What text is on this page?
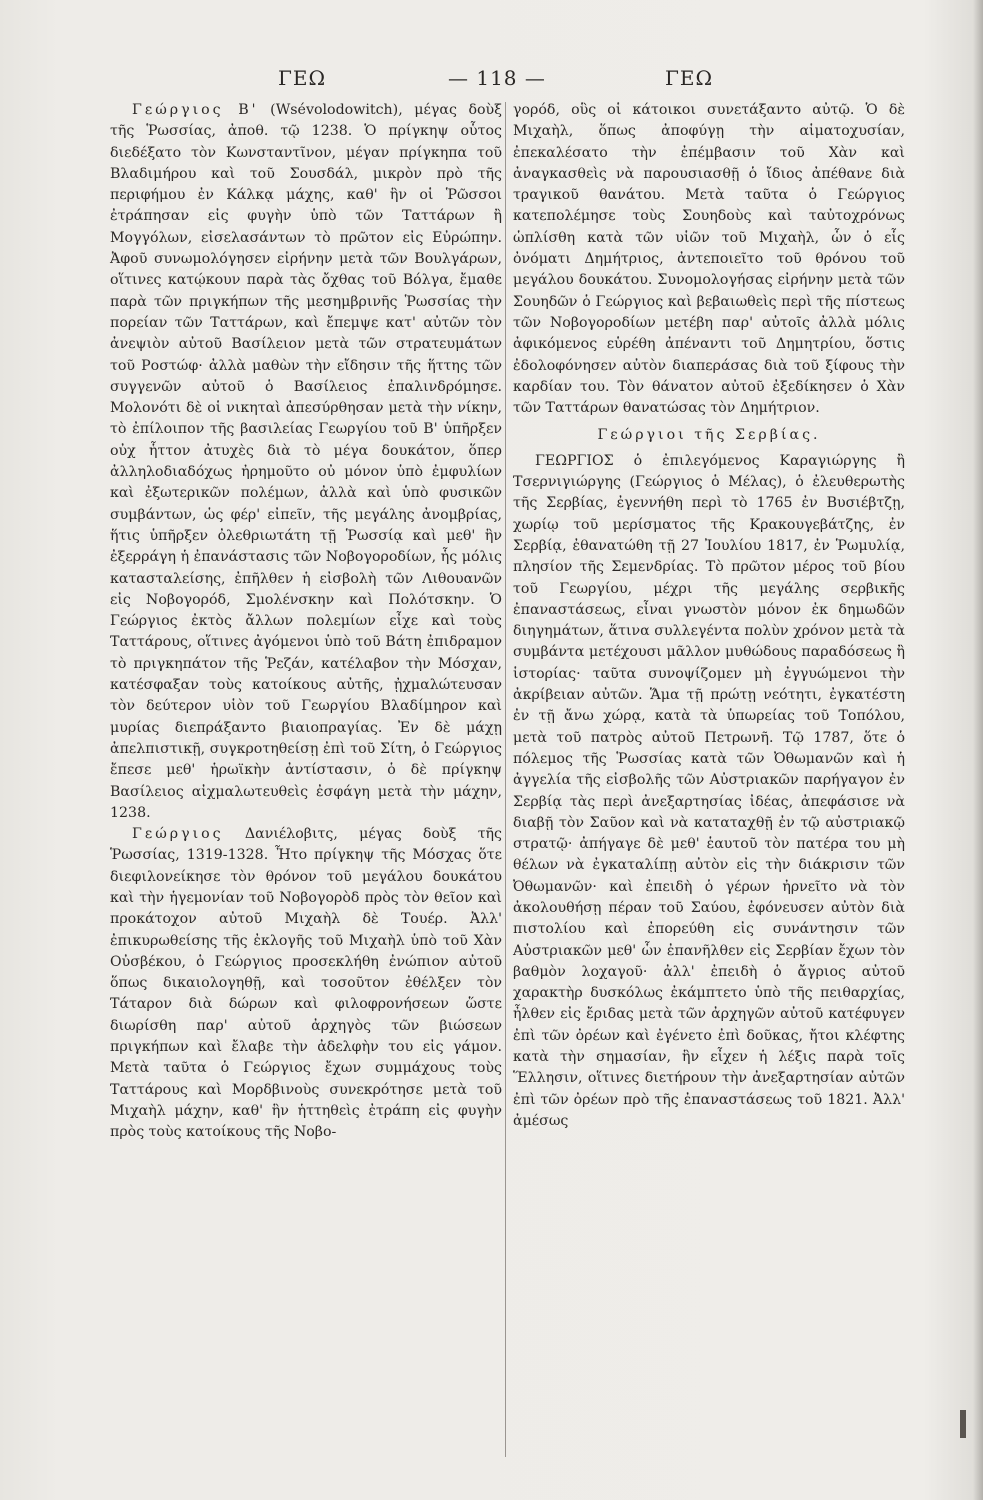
ΓΕΩ	— 118 —	ΓΕΩ

Γεώργιος Β' (Wsévolodowitch), μέγας δοὺξ τῆς Ῥωσσίας, ἀποθ. τῷ 1238. Ὁ πρίγκηψ οὗτος διεδέξατο τὸν Κωνσταντῖνον, μέγαν πρίγκηπα τοῦ Βλαδιμήρου καὶ τοῦ Σουσδάλ, μικρὸν πρὸ τῆς περιφήμου ἐν Κάλκᾳ μάχης, καθ' ἣν οἱ Ῥῶσσοι ἐτράπησαν εἰς φυγὴν ὑπὸ τῶν Ταττάρων ἢ Μογγόλων, εἰσελασάντων τὸ πρῶτον εἰς Εὐρώπην. Ἀφοῦ συνωμολόγησεν εἰρήνην μετὰ τῶν Βουλγάρων, οἵτινες κατῴκουν παρὰ τὰς ὄχθας τοῦ Βόλγα, ἔμαθε παρὰ τῶν πριγκήπων τῆς μεσημβρινῆς Ῥωσσίας τὴν πορείαν τῶν Ταττάρων, καὶ ἔπεμψε κατ' αὐτῶν τὸν ἀνεψιὸν αὐτοῦ Βασίλειον μετὰ τῶν στρατευμάτων τοῦ Ροστώφ· ἀλλὰ μαθὼν τὴν εἴδησιν τῆς ἥττης τῶν συγγενῶν αὐτοῦ ὁ Βασίλειος ἐπαλινδρόμησε. Μολονότι δὲ οἱ νικηταὶ ἀπεσύρθησαν μετὰ τὴν νίκην, τὸ ἐπίλοιπον τῆς βασιλείας Γεωργίου τοῦ Β' ὑπῆρξεν οὐχ ἧττον ἀτυχὲς διὰ τὸ μέγα δουκάτον, ὅπερ ἀλληλοδιαδόχως ἠρημοῦτο οὐ μόνον ὑπὸ ἐμφυλίων καὶ ἐξωτερικῶν πολέμων, ἀλλὰ καὶ ὑπὸ φυσικῶν συμβάντων, ὡς φέρ' εἰπεῖν, τῆς μεγάλης ἀνομβρίας, ἥτις ὑπῆρξεν ὀλεθριωτάτη τῇ Ῥωσσίᾳ καὶ μεθ' ἣν ἐξερράγη ἡ ἐπανάστασις τῶν Νοβογοροδίων, ἧς μόλις κατασταλείσης, ἐπῆλθεν ἡ εἰσβολὴ τῶν Λιθουανῶν εἰς Νοβογορόδ, Σμολένσκην καὶ Πολότσκην. Ὁ Γεώργιος ἐκτὸς ἄλλων πολεμίων εἶχε καὶ τοὺς Ταττάρους, οἵτινες ἀγόμενοι ὑπὸ τοῦ Βάτη ἐπιδραμον τὸ πριγκηπάτον τῆς Ῥεζάν, κατέλαβον τὴν Μόσχαν, κατέσφαξαν τοὺς κατοίκους αὐτῆς, ᾐχμαλώτευσαν τὸν δεύτερον υἱὸν τοῦ Γεωργίου Βλαδίμηρον καὶ μυρίας διεπράξαντο βιαιοπραγίας. Ἐν δὲ μάχῃ ἀπελπιστικῇ, συγκροτηθείσῃ ἐπὶ τοῦ Σίτη, ὁ Γεώργιος ἔπεσε μεθ' ἡρωϊκὴν ἀντίστασιν, ὁ δὲ πρίγκηψ Βασίλειος αἰχμαλωτευθεὶς ἐσφάγη μετὰ τὴν μάχην, 1238.

Γεώργιος Δανιέλοβιτς, μέγας δοὺξ τῆς Ῥωσσίας, 1319-1328. Ἦτο πρίγκηψ τῆς Μόσχας ὅτε διεφιλονείκησε τὸν θρόνον τοῦ μεγάλου δουκάτου καὶ τὴν ἡγεμονίαν τοῦ Νοβογορὸδ πρὸς τὸν θεῖον καὶ προκάτοχον αὐτοῦ Μιχαὴλ δὲ Τουέρ. Ἀλλ' ἐπικυρωθείσης τῆς ἐκλογῆς τοῦ Μιχαὴλ ὑπὸ τοῦ Χὰν Οὐσβέκου, ὁ Γεώργιος προσεκλήθη ἐνώπιον αὐτοῦ ὅπως δικαιολογηθῇ, καὶ τοσοῦτον ἐθέλξεν τὸν Τάταρον διὰ δώρων καὶ φιλοφρονήσεων ὥστε διωρίσθη παρ' αὐτοῦ ἀρχηγὸς τῶν βιώσεων πριγκήπων καὶ ἔλαβε τὴν ἀδελφὴν του εἰς γάμον. Μετὰ ταῦτα ὁ Γεώργιος ἔχων συμμάχους τοὺς Ταττάρους καὶ Μορδβινοὺς συνεκρότησε μετὰ τοῦ Μιχαὴλ μάχην, καθ' ἣν ἡττηθεὶς ἐτράπη εἰς φυγὴν πρὸς τοὺς κατοίκους τῆς Νοβο-

γορόδ, οὓς οἱ κάτοικοι συνετάξαντο αὐτῷ. Ὁ δὲ Μιχαὴλ, ὅπως ἀποφύγῃ τὴν αἱματοχυσίαν, ἐπεκαλέσατο τὴν ἐπέμβασιν τοῦ Χὰν καὶ ἀναγκασθεὶς νὰ παρουσιασθῇ ὁ ἴδιος ἀπέθανε διὰ τραγικοῦ θανάτου. Μετὰ ταῦτα ὁ Γεώργιος κατεπολέμησε τοὺς Σουηδοὺς καὶ ταὐτοχρόνως ὡπλίσθη κατὰ τῶν υἱῶν τοῦ Μιχαὴλ, ὧν ὁ εἷς ὀνόματι Δημήτριος, ἀντεποιεῖτο τοῦ θρόνου τοῦ μεγάλου δουκάτου. Συνομολογήσας εἰρήνην μετὰ τῶν Σουηδῶν ὁ Γεώργιος καὶ βεβαιωθεὶς περὶ τῆς πίστεως τῶν Νοβογοροδίων μετέβη παρ' αὐτοῖς ἀλλὰ μόλις ἀφικόμενος εὑρέθη ἀπέναντι τοῦ Δημητρίου, ὅστις ἐδολοφόνησεν αὐτὸν διαπεράσας διὰ τοῦ ξίφους τὴν καρδίαν του. Τὸν θάνατον αὐτοῦ ἐξεδίκησεν ὁ Χὰν τῶν Ταττάρων θανατώσας τὸν Δημήτριον.

Γεώργιοι τῆς Σερβίας.

ΓΕΩΡΓΙΟΣ ὁ ἐπιλεγόμενος Καραγιώργης ἢ Τσερνιγιώργης (Γεώργιος ὁ Μέλας), ὁ ἐλευθερωτὴς τῆς Σερβίας, ἐγεννήθη περὶ τὸ 1765 ἐν Βυσιέβτζῃ, χωρίῳ τοῦ μερίσματος τῆς Κρακουγεβάτζης, ἐν Σερβίᾳ, ἐθανατώθη τῇ 27 Ἰουλίου 1817, ἐν Ῥωμυλίᾳ, πλησίον τῆς Σεμενδρίας. Τὸ πρῶτον μέρος τοῦ βίου τοῦ Γεωργίου, μέχρι τῆς μεγάλης σερβικῆς ἐπαναστάσεως, εἶναι γνωστὸν μόνον ἐκ δημωδῶν διηγημάτων, ἅτινα συλλεγέντα πολὺν χρόνον μετὰ τὰ συμβάντα μετέχουσι μᾶλλον μυθώδους παραδόσεως ἢ ἱστορίας· ταῦτα συνοψίζομεν μὴ ἐγγυώμενοι τὴν ἀκρίβειαν αὐτῶν. Ἅμα τῇ πρώτῃ νεότητι, ἐγκατέστη ἐν τῇ ἄνω χώρᾳ, κατὰ τὰ ὑπωρείας τοῦ Τοπόλου, μετὰ τοῦ πατρὸς αὐτοῦ Πετρωνῆ. Τῷ 1787, ὅτε ὁ πόλεμος τῆς Ῥωσσίας κατὰ τῶν Ὀθωμανῶν καὶ ἡ ἀγγελία τῆς εἰσβολῆς τῶν Αὐστριακῶν παρήγαγον ἐν Σερβίᾳ τὰς περὶ ἀνεξαρτησίας ἰδέας, ἀπεφάσισε νὰ διαβῇ τὸν Σαῦον καὶ νὰ καταταχθῇ ἐν τῷ αὐστριακῷ στρατῷ· ἀπήγαγε δὲ μεθ' ἑαυτοῦ τὸν πατέρα του μὴ θέλων νὰ ἐγκαταλίπῃ αὐτὸν εἰς τὴν διάκρισιν τῶν Ὀθωμανῶν· καὶ ἐπειδὴ ὁ γέρων ἠρνεῖτο νὰ τὸν ἀκολουθήσῃ πέραν τοῦ Σαύου, ἐφόνευσεν αὐτὸν διὰ πιστολίου καὶ ἐπορεύθη εἰς συνάντησιν τῶν Αὐστριακῶν μεθ' ὧν ἐπανῆλθεν εἰς Σερβίαν ἔχων τὸν βαθμὸν λοχαγοῦ· ἀλλ' ἐπειδὴ ὁ ἄγριος αὐτοῦ χαρακτὴρ δυσκόλως ἐκάμπτετο ὑπὸ τῆς πειθαρχίας, ἦλθεν εἰς ἔριδας μετὰ τῶν ἀρχηγῶν αὐτοῦ κατέφυγεν ἐπὶ τῶν ὀρέων καὶ ἐγένετο ἐπὶ δοῦκας, ἤτοι κλέφτης κατὰ τὴν σημασίαν, ἣν εἶχεν ἡ λέξις παρὰ τοῖς Ἕλλησιν, οἵτινες διετήρουν τὴν ἀνεξαρτησίαν αὐτῶν ἐπὶ τῶν ὀρέων πρὸ τῆς ἐπαναστάσεως τοῦ 1821. Ἀλλ' ἀμέσως
